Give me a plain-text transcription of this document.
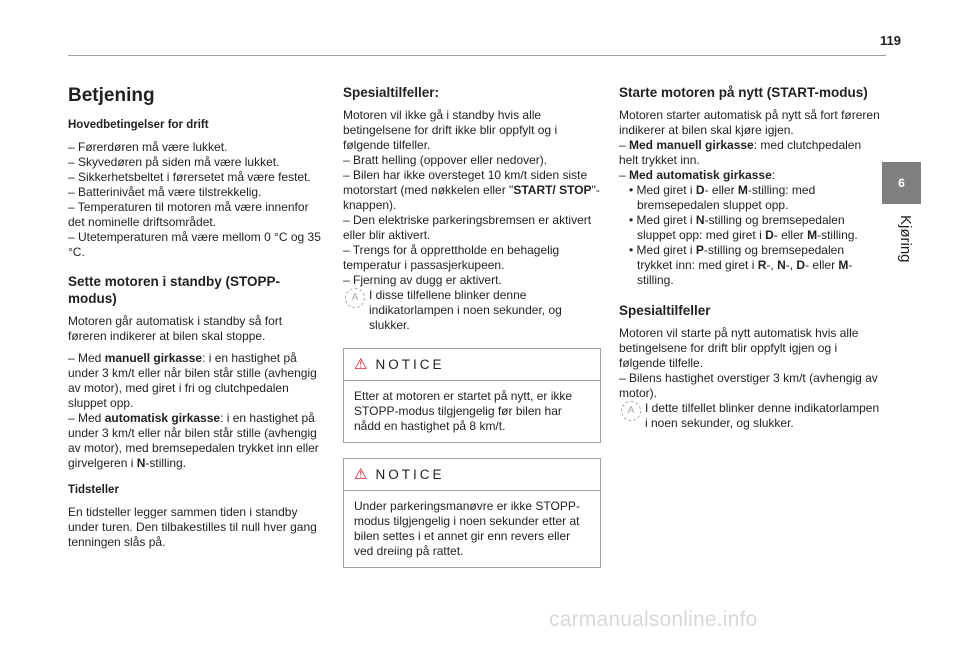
119
6
Kjøring
Betjening
Hovedbetingelser for drift
– Førerdøren må være lukket.
– Skyvedøren på siden må være lukket.
– Sikkerhetsbeltet i førersetet må være festet.
– Batterinivået må være tilstrekkelig.
– Temperaturen til motoren må være innenfor det nominelle driftsområdet.
– Utetemperaturen må være mellom 0 °C og 35 °C.
Sette motoren i standby (STOPP-modus)

Motoren går automatisk i standby så fort føreren indikerer at bilen skal stoppe.

– Med manuell girkasse: i en hastighet på under 3 km/t eller når bilen står stille (avhengig av motor), med giret i fri og clutchpedalen sluppet opp.

– Med automatisk girkasse: i en hastighet på under 3 km/t eller når bilen står stille (avhengig av motor), med bremsepedalen trykket inn eller girvelgeren i N-stilling.

Tidsteller

En tidsteller legger sammen tiden i standby under turen. Den tilbakestilles til null hver gang tenningen slås på.

Spesialtilfeller:

Motoren vil ikke gå i standby hvis alle betingelsene for drift ikke blir oppfylt og i følgende tilfeller.

– Bratt helling (oppover eller nedover).
– Bilen har ikke oversteget 10 km/t siden siste motorstart (med nøkkelen eller "START/ STOP"-knappen).
– Den elektriske parkeringsbremsen er aktivert eller blir aktivert.
– Trengs for å opprettholde en behagelig temperatur i passasjerkupeen.
– Fjerning av dugg er aktivert.
A I disse tilfellene blinker denne indikatorlampen i noen sekunder, og slukker.
⚠ NOTICE
Etter at motoren er startet på nytt, er ikke STOPP-modus tilgjengelig før bilen har nådd en hastighet på 8 km/t.
⚠ NOTICE
Under parkeringsmanøvre er ikke STOPP-modus tilgjengelig i noen sekunder etter at bilen settes i et annet gir enn revers eller ved dreiing på rattet.
Starte motoren på nytt (START-modus)

Motoren starter automatisk på nytt så fort føreren indikerer at bilen skal kjøre igjen.

– Med manuell girkasse: med clutchpedalen helt trykket inn.

– Med automatisk girkasse:

• Med giret i D- eller M-stilling: med bremsepedalen sluppet opp.
• Med giret i N-stilling og bremsepedalen sluppet opp: med giret i D- eller M-stilling.
• Med giret i P-stilling og bremsepedalen trykket inn: med giret i R-, N-, D- eller M-stilling.
Spesialtilfeller

Motoren vil starte på nytt automatisk hvis alle betingelsene for drift blir oppfylt igjen og i følgende tilfelle.

– Bilens hastighet overstiger 3 km/t (avhengig av motor).

A I dette tilfellet blinker denne indikatorlampen i noen sekunder, og slukker.
carmanualsonline.info
